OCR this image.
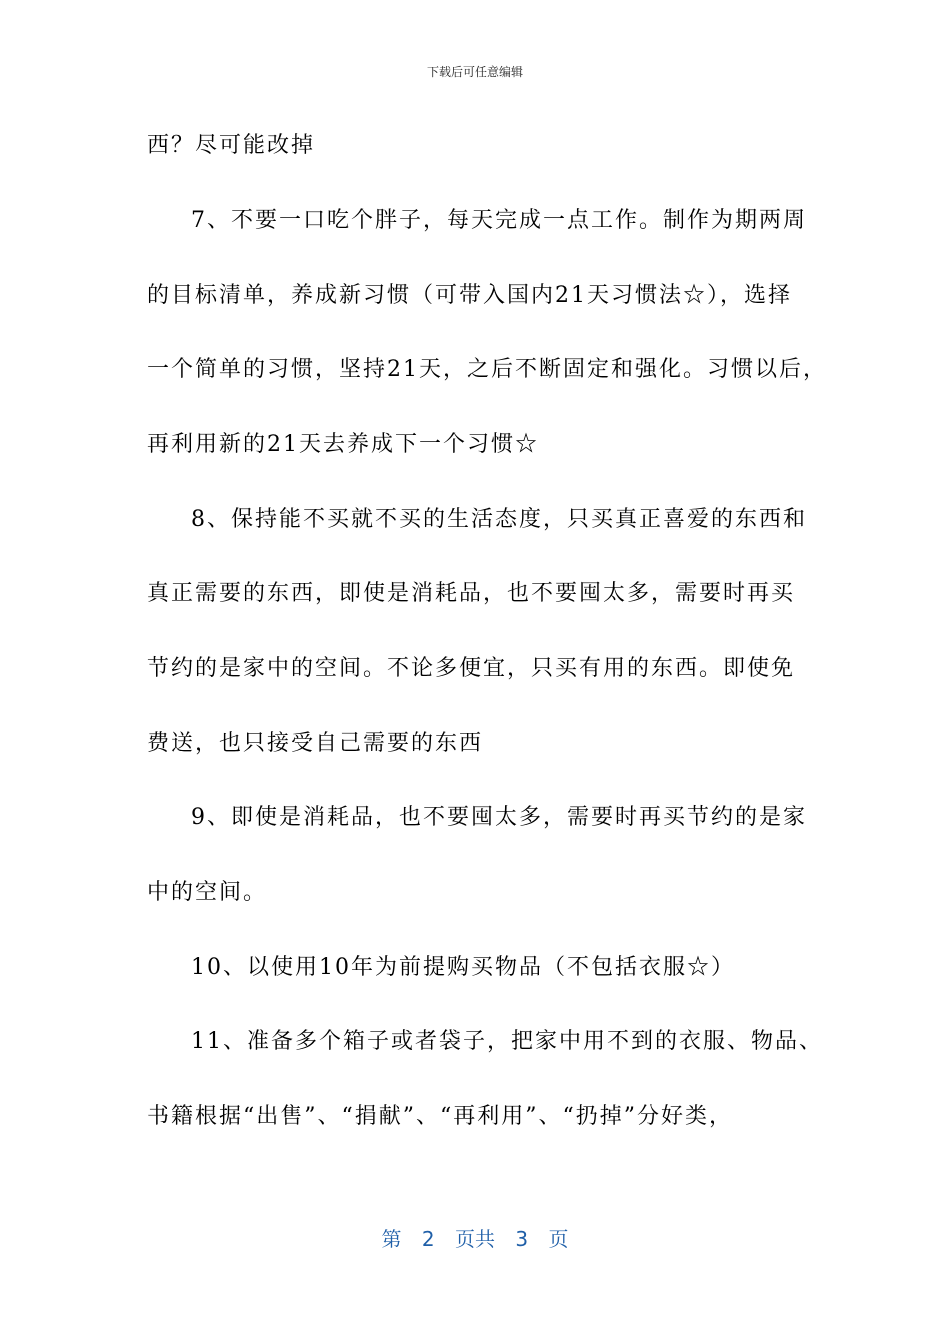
下载后可任意编辑
西？尽可能改掉
7、不要一口吃个胖子，每天完成一点工作。制作为期两周
的目标清单，养成新习惯（可带入国内21天习惯法☆），选择
一个简单的习惯，坚持21天，之后不断固定和强化。习惯以后，
再利用新的21天去养成下一个习惯☆
8、保持能不买就不买的生活态度，只买真正喜爱的东西和
真正需要的东西，即使是消耗品，也不要囤太多，需要时再买
节约的是家中的空间。不论多便宜，只买有用的东西。即使免
费送，也只接受自己需要的东西
9、即使是消耗品，也不要囤太多，需要时再买节约的是家
中的空间。
10、以使用10年为前提购买物品（不包括衣服☆）
11、准备多个箱子或者袋子，把家中用不到的衣服、物品、
书籍根据“出售”、“捐献”、“再利用”、“扔掉”分好类，
第 2 页共 3 页
